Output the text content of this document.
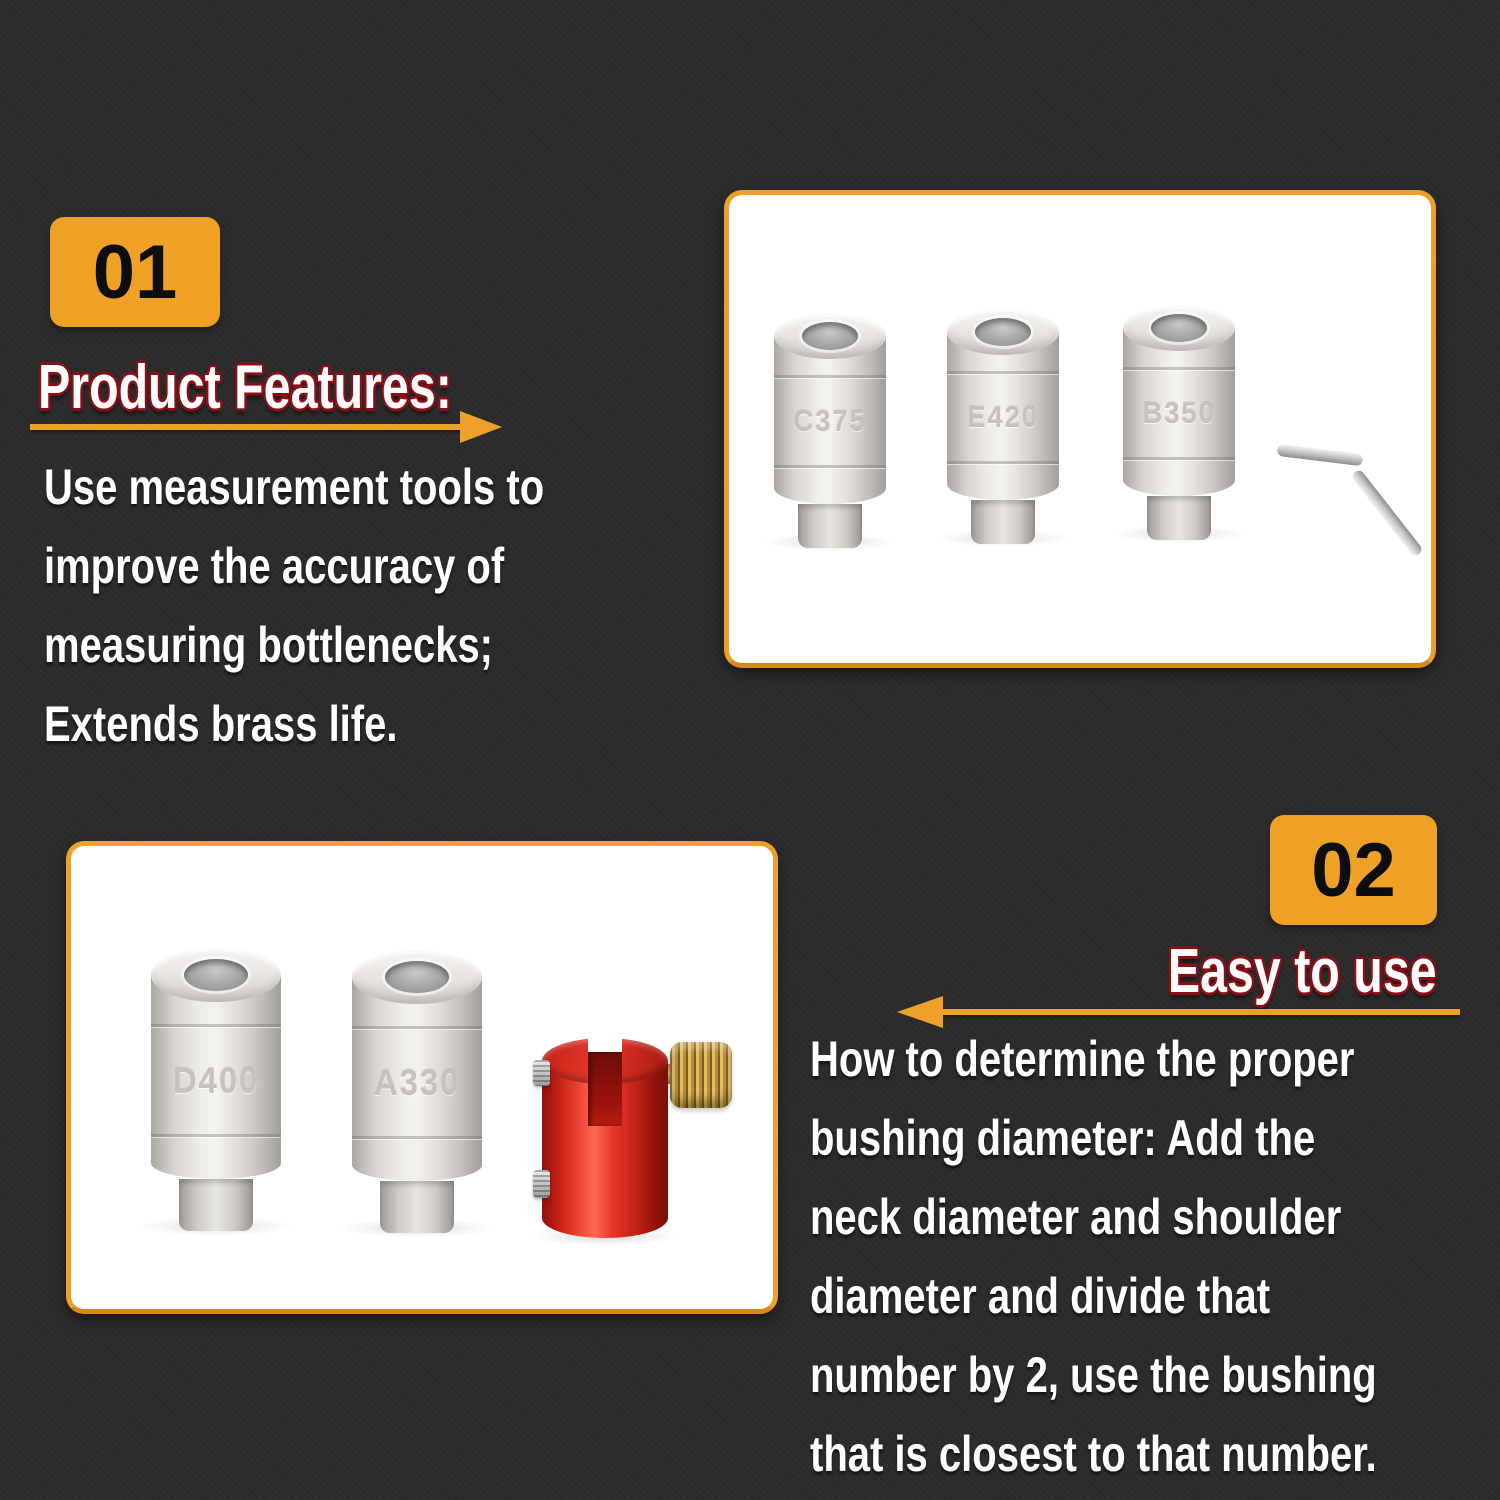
01
Product Features:
Use measurement tools to
improve the accuracy of
measuring bottlenecks;
Extends brass life.
C375	E420	B350
02
Easy to use
How to determine the proper
bushing diameter: Add the
neck diameter and shoulder
diameter and divide that
number by 2, use the bushing
that is closest to that number.
D400	A330
